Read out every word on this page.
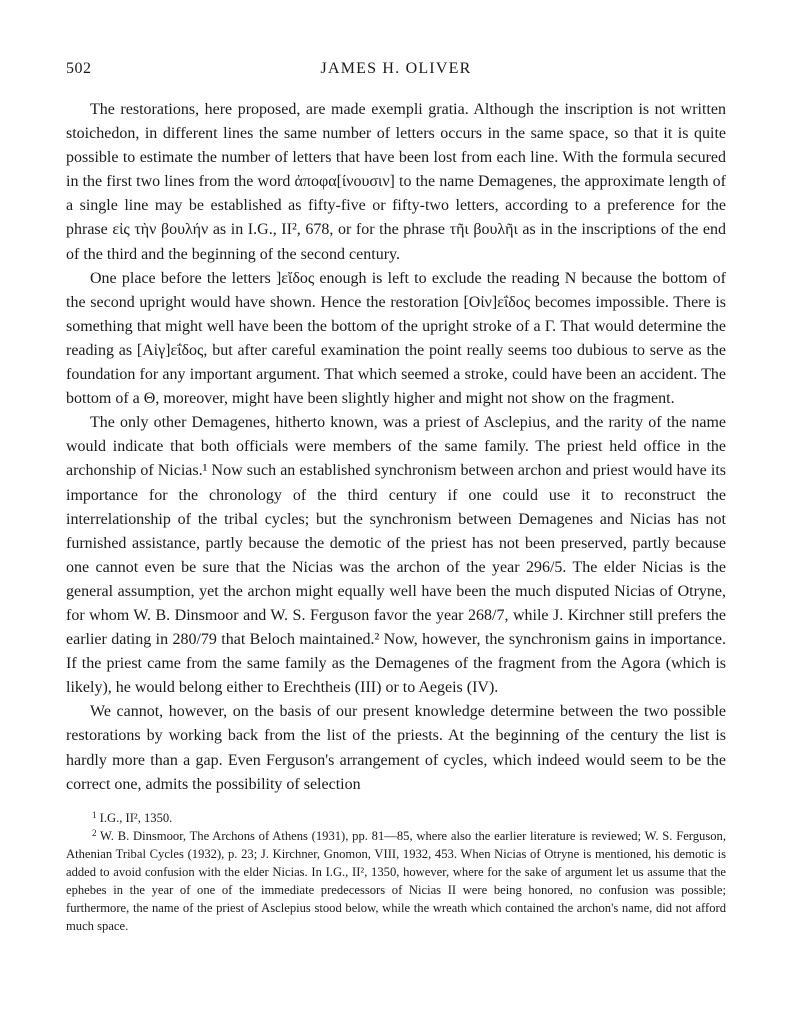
502	JAMES H. OLIVER

The restorations, here proposed, are made exempli gratia. Although the inscription is not written stoichedon, in different lines the same number of letters occurs in the same space, so that it is quite possible to estimate the number of letters that have been lost from each line. With the formula secured in the first two lines from the word ἀποφα[ίνουσιν] to the name Demagenes, the approximate length of a single line may be established as fifty-five or fifty-two letters, according to a preference for the phrase εἰς τὴν βουλήν as in I.G., II², 678, or for the phrase τῆι βουλῆι as in the inscriptions of the end of the third and the beginning of the second century.

One place before the letters ]εἴδος enough is left to exclude the reading N because the bottom of the second upright would have shown. Hence the restoration [Οἰν]εΐδος becomes impossible. There is something that might well have been the bottom of the upright stroke of a Γ. That would determine the reading as [Αἰγ]εΐδος, but after careful examination the point really seems too dubious to serve as the foundation for any important argument. That which seemed a stroke, could have been an accident. The bottom of a Θ, moreover, might have been slightly higher and might not show on the fragment.

The only other Demagenes, hitherto known, was a priest of Asclepius, and the rarity of the name would indicate that both officials were members of the same family. The priest held office in the archonship of Nicias.¹ Now such an established synchronism between archon and priest would have its importance for the chronology of the third century if one could use it to reconstruct the interrelationship of the tribal cycles; but the synchronism between Demagenes and Nicias has not furnished assistance, partly because the demotic of the priest has not been preserved, partly because one cannot even be sure that the Nicias was the archon of the year 296/5. The elder Nicias is the general assumption, yet the archon might equally well have been the much disputed Nicias of Otryne, for whom W. B. Dinsmoor and W. S. Ferguson favor the year 268/7, while J. Kirchner still prefers the earlier dating in 280/79 that Beloch maintained.² Now, however, the synchronism gains in importance. If the priest came from the same family as the Demagenes of the fragment from the Agora (which is likely), he would belong either to Erechtheis (III) or to Aegeis (IV).

We cannot, however, on the basis of our present knowledge determine between the two possible restorations by working back from the list of the priests. At the beginning of the century the list is hardly more than a gap. Even Ferguson's arrangement of cycles, which indeed would seem to be the correct one, admits the possibility of selection

$^1$ I.G., II², 1350.

$^2$ W. B. Dinsmoor, The Archons of Athens (1931), pp. 81—85, where also the earlier literature is reviewed; W. S. Ferguson, Athenian Tribal Cycles (1932), p. 23; J. Kirchner, Gnomon, VIII, 1932, 453. When Nicias of Otryne is mentioned, his demotic is added to avoid confusion with the elder Nicias. In I.G., II², 1350, however, where for the sake of argument let us assume that the ephebes in the year of one of the immediate predecessors of Nicias II were being honored, no confusion was possible; furthermore, the name of the priest of Asclepius stood below, while the wreath which contained the archon's name, did not afford much space.
